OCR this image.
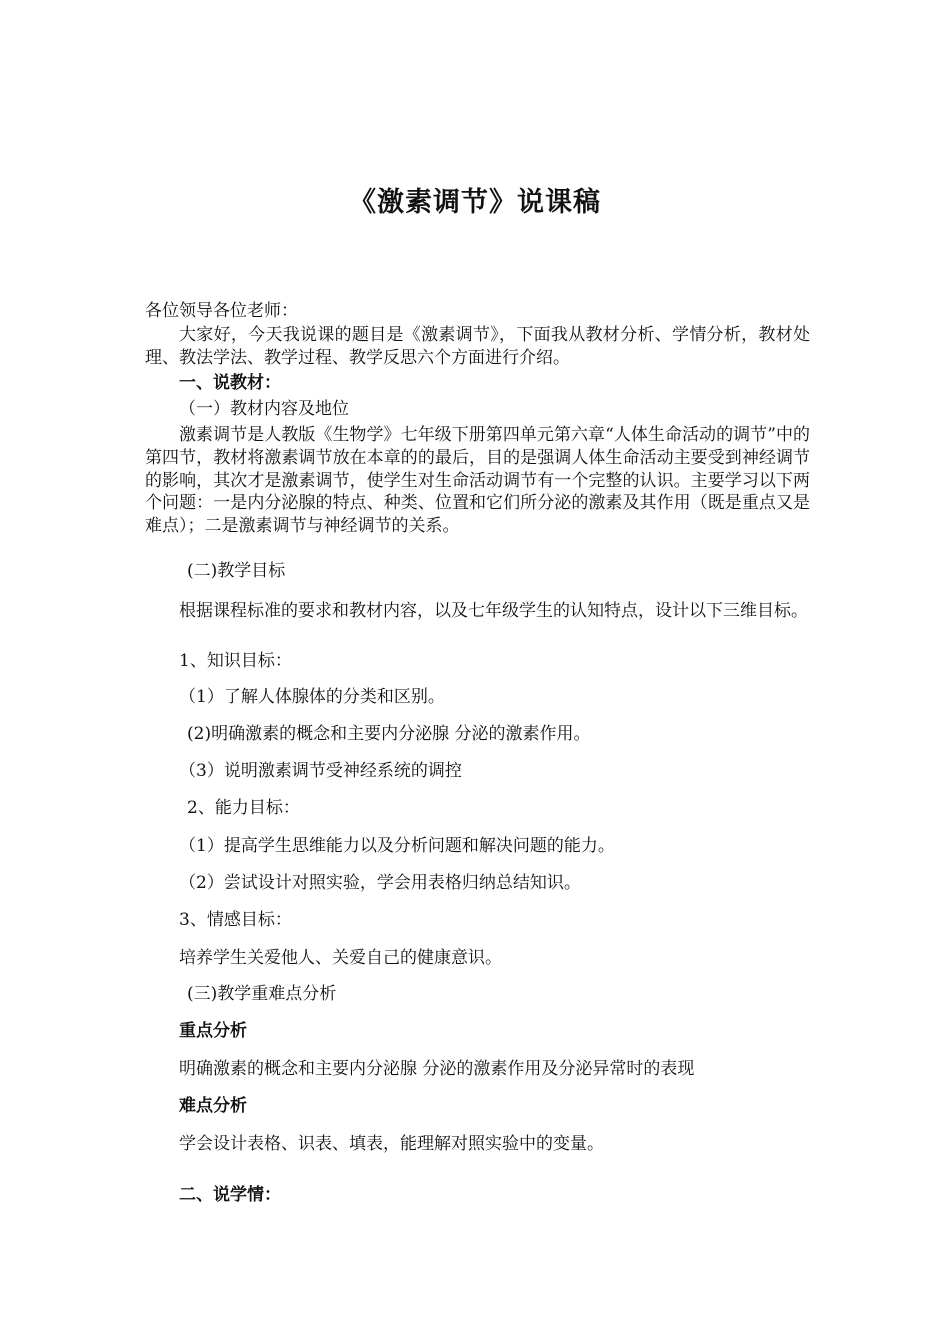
《激素调节》说课稿
各位领导各位老师：
大家好，今天我说课的题目是《激素调节》，下面我从教材分析、学情分析，教材处理、教法学法、教学过程、教学反思六个方面进行介绍。
一、说教材：
（一）教材内容及地位
激素调节是人教版《生物学》七年级下册第四单元第六章“人体生命活动的调节”中的第四节，教材将激素调节放在本章的的最后，目的是强调人体生命活动主要受到神经调节的影响，其次才是激素调节，使学生对生命活动调节有一个完整的认识。主要学习以下两个问题：一是内分泌腺的特点、种类、位置和它们所分泌的激素及其作用（既是重点又是难点）；二是激素调节与神经调节的关系。
(二)教学目标
根据课程标准的要求和教材内容，以及七年级学生的认知特点，设计以下三维目标。
1、知识目标：
（1）了解人体腺体的分类和区别。
(2)明确激素的概念和主要内分泌腺 分泌的激素作用。
（3）说明激素调节受神经系统的调控
2、能力目标：
（1）提高学生思维能力以及分析问题和解决问题的能力。
（2）尝试设计对照实验，学会用表格归纳总结知识。
3、情感目标：
培养学生关爱他人、关爱自己的健康意识。
(三)教学重难点分析
重点分析
明确激素的概念和主要内分泌腺 分泌的激素作用及分泌异常时的表现
难点分析
学会设计表格、识表、填表，能理解对照实验中的变量。
二、说学情：
